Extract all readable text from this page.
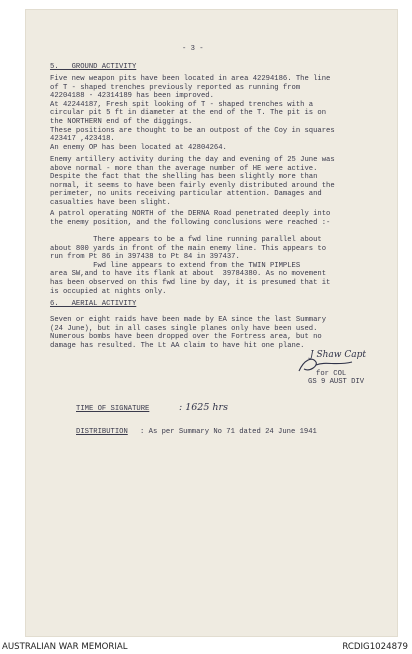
- 3 -
5.   GROUND ACTIVITY
Five new weapon pits have been located in area 42294186. The line
of T - shaped trenches previously reported as running from
42204188 - 42314189 has been improved.
At 42244187, Fresh spit looking of T - shaped trenches with a
circular pit 5 ft in diameter at the end of the T. The pit is on
the NORTHERN end of the diggings.
These positions are thought to be an outpost of the Coy in squares
423417 ,423418.
An enemy OP has been located at 42804264.
Enemy artillery activity during the day and evening of 25 June was
above normal - more than the average number of HE were active.
Despite the fact that the shelling has been slightly more than
normal, it seems to have been fairly evenly distributed around the
perimeter, no units receiving particular attention. Damages and
casualties have been slight.
A patrol operating NORTH of the DERNA Road penetrated deeply into
the enemy position, and the following conclusions were reached :-
There appears to be a fwd line running parallel about
about 800 yards in front of the main enemy line. This appears to
run from Pt 86 in 397438 to Pt 84 in 397437.
Fwd line appears to extend from the TWIN PIMPLES
area SW,and to have its flank at about  39784380. As no movement
has been observed on this fwd line by day, it is presumed that it
is occupied at nights only.
6.   AERIAL ACTIVITY
Seven or eight raids have been made by EA since the last Summary
(24 June), but in all cases single planes only have been used.
Numerous bombs have been dropped over the Fortress area, but no
damage has resulted. The Lt AA claim to have hit one plane.
J Shaw Capt
for COL
GS 9 AUST DIV
TIME OF SIGNATURE	: 1625 hrs
DISTRIBUTION : As per Summary No 71 dated 24 June 1941
AUSTRALIAN WAR MEMORIAL	RCDIG1024879
